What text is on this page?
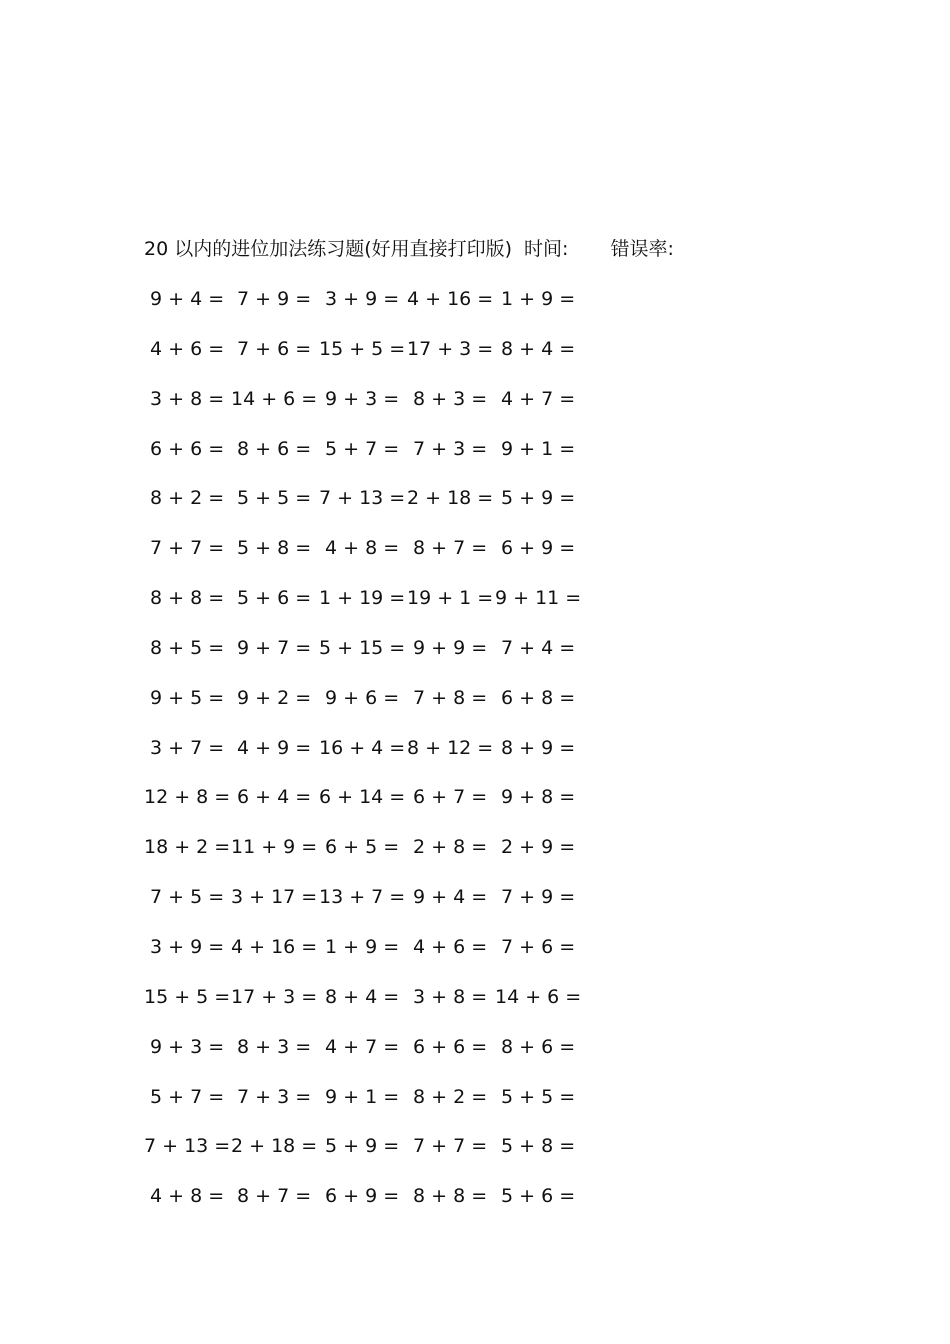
20 以内的进位加法练习题(好用直接打印版) 时间: 错误率:
9 + 4 = 7 + 9 = 3 + 9 = 4 + 16 = 1 + 9 =
4 + 6 = 7 + 6 = 15 + 5 = 17 + 3 = 8 + 4 =
3 + 8 = 14 + 6 = 9 + 3 = 8 + 3 = 4 + 7 =
6 + 6 = 8 + 6 = 5 + 7 = 7 + 3 = 9 + 1 =
8 + 2 = 5 + 5 = 7 + 13 = 2 + 18 = 5 + 9 =
7 + 7 = 5 + 8 = 4 + 8 = 8 + 7 = 6 + 9 =
8 + 8 = 5 + 6 = 1 + 19 = 19 + 1 = 9 + 11 =
8 + 5 = 9 + 7 = 5 + 15 = 9 + 9 = 7 + 4 =
9 + 5 = 9 + 2 = 9 + 6 = 7 + 8 = 6 + 8 =
3 + 7 = 4 + 9 = 16 + 4 = 8 + 12 = 8 + 9 =
12 + 8 = 6 + 4 = 6 + 14 = 6 + 7 = 9 + 8 =
18 + 2 = 11 + 9 = 6 + 5 = 2 + 8 = 2 + 9 =
7 + 5 = 3 + 17 = 13 + 7 = 9 + 4 = 7 + 9 =
3 + 9 = 4 + 16 = 1 + 9 = 4 + 6 = 7 + 6 =
15 + 5 = 17 + 3 = 8 + 4 = 3 + 8 = 14 + 6 =
9 + 3 = 8 + 3 = 4 + 7 = 6 + 6 = 8 + 6 =
5 + 7 = 7 + 3 = 9 + 1 = 8 + 2 = 5 + 5 =
7 + 13 = 2 + 18 = 5 + 9 = 7 + 7 = 5 + 8 =
4 + 8 = 8 + 7 = 6 + 9 = 8 + 8 = 5 + 6 =
